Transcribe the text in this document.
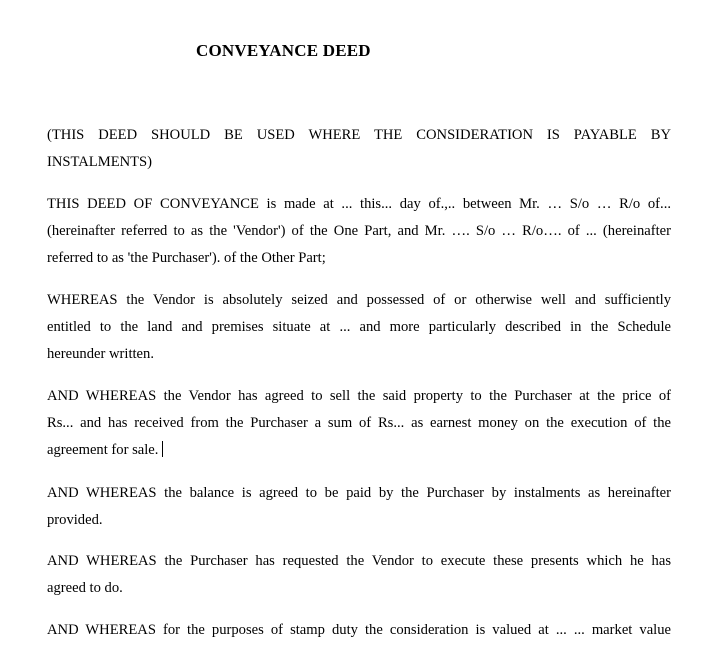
CONVEYANCE DEED
(THIS DEED SHOULD BE USED WHERE THE CONSIDERATION IS PAYABLE BY
INSTALMENTS)
THIS DEED OF CONVEYANCE is made at ... this... day of.,.. between Mr. … S/o … R/o of...
(hereinafter referred to as the 'Vendor') of the One Part, and Mr. …. S/o … R/o…. of ... (hereinafter
referred to as 'the Purchaser'). of the Other Part;
WHEREAS the Vendor is absolutely seized and possessed of or otherwise well and sufficiently
entitled to the land and premises situate at ... and more particularly described in the Schedule
hereunder written.
AND WHEREAS the Vendor has agreed to sell the said property to the Purchaser at the price of
Rs... and has received from the Purchaser a sum of Rs... as earnest money on the execution of the
agreement for sale.
AND WHEREAS the balance is agreed to be paid by the Purchaser by instalments as hereinafter
provided.
AND WHEREAS the Purchaser has requested the Vendor to execute these presents which he has
agreed to do.
AND WHEREAS for the purposes of stamp duty the consideration is valued at ... ... market value
